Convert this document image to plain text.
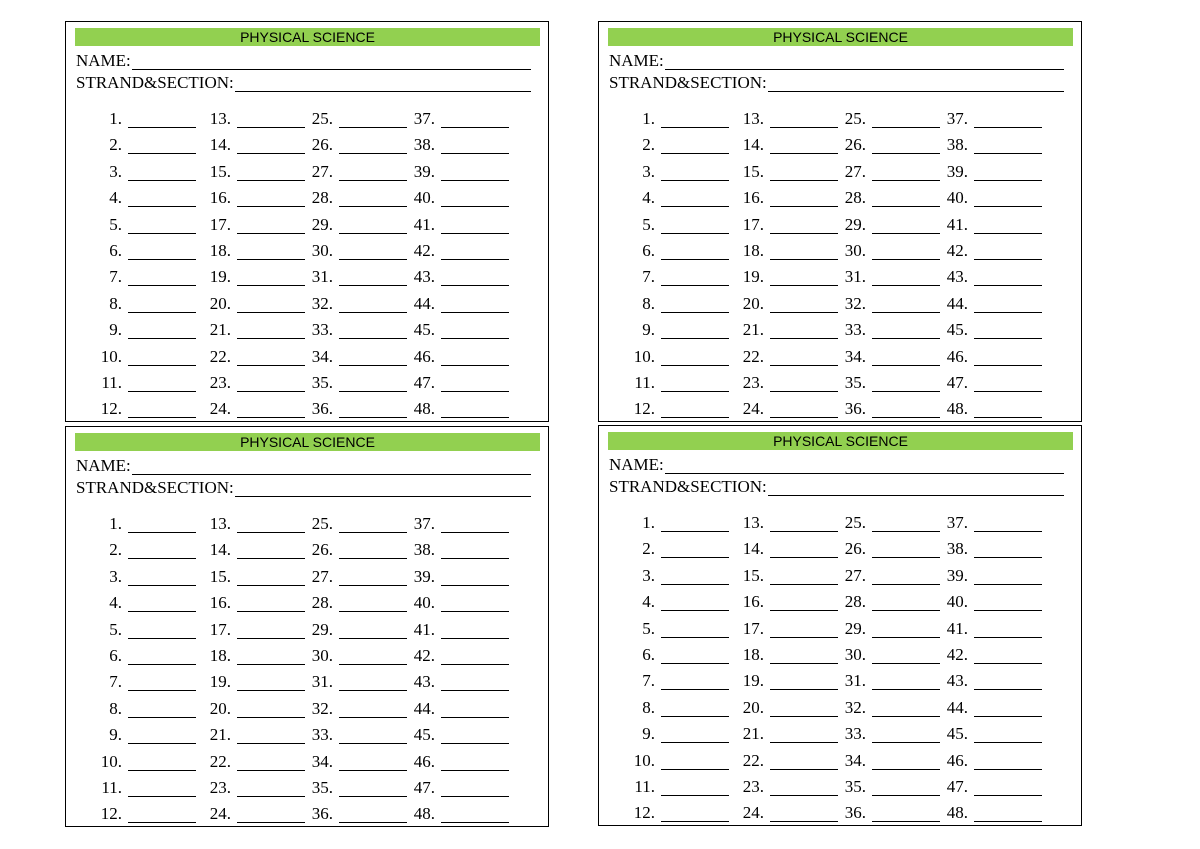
PHYSICAL SCIENCE
NAME:
STRAND&SECTION:
1.
2.
3.
4.
5.
6.
7.
8.
9.
10.
11.
12.
13.
14.
15.
16.
17.
18.
19.
20.
21.
22.
23.
24.
25.
26.
27.
28.
29.
30.
31.
32.
33.
34.
35.
36.
37.
38.
39.
40.
41.
42.
43.
44.
45.
46.
47.
48.
PHYSICAL SCIENCE
NAME:
STRAND&SECTION:
1.
2.
3.
4.
5.
6.
7.
8.
9.
10.
11.
12.
13.
14.
15.
16.
17.
18.
19.
20.
21.
22.
23.
24.
25.
26.
27.
28.
29.
30.
31.
32.
33.
34.
35.
36.
37.
38.
39.
40.
41.
42.
43.
44.
45.
46.
47.
48.
PHYSICAL SCIENCE
NAME:
STRAND&SECTION:
1.
2.
3.
4.
5.
6.
7.
8.
9.
10.
11.
12.
13.
14.
15.
16.
17.
18.
19.
20.
21.
22.
23.
24.
25.
26.
27.
28.
29.
30.
31.
32.
33.
34.
35.
36.
37.
38.
39.
40.
41.
42.
43.
44.
45.
46.
47.
48.
PHYSICAL SCIENCE
NAME:
STRAND&SECTION:
1.
2.
3.
4.
5.
6.
7.
8.
9.
10.
11.
12.
13.
14.
15.
16.
17.
18.
19.
20.
21.
22.
23.
24.
25.
26.
27.
28.
29.
30.
31.
32.
33.
34.
35.
36.
37.
38.
39.
40.
41.
42.
43.
44.
45.
46.
47.
48.
